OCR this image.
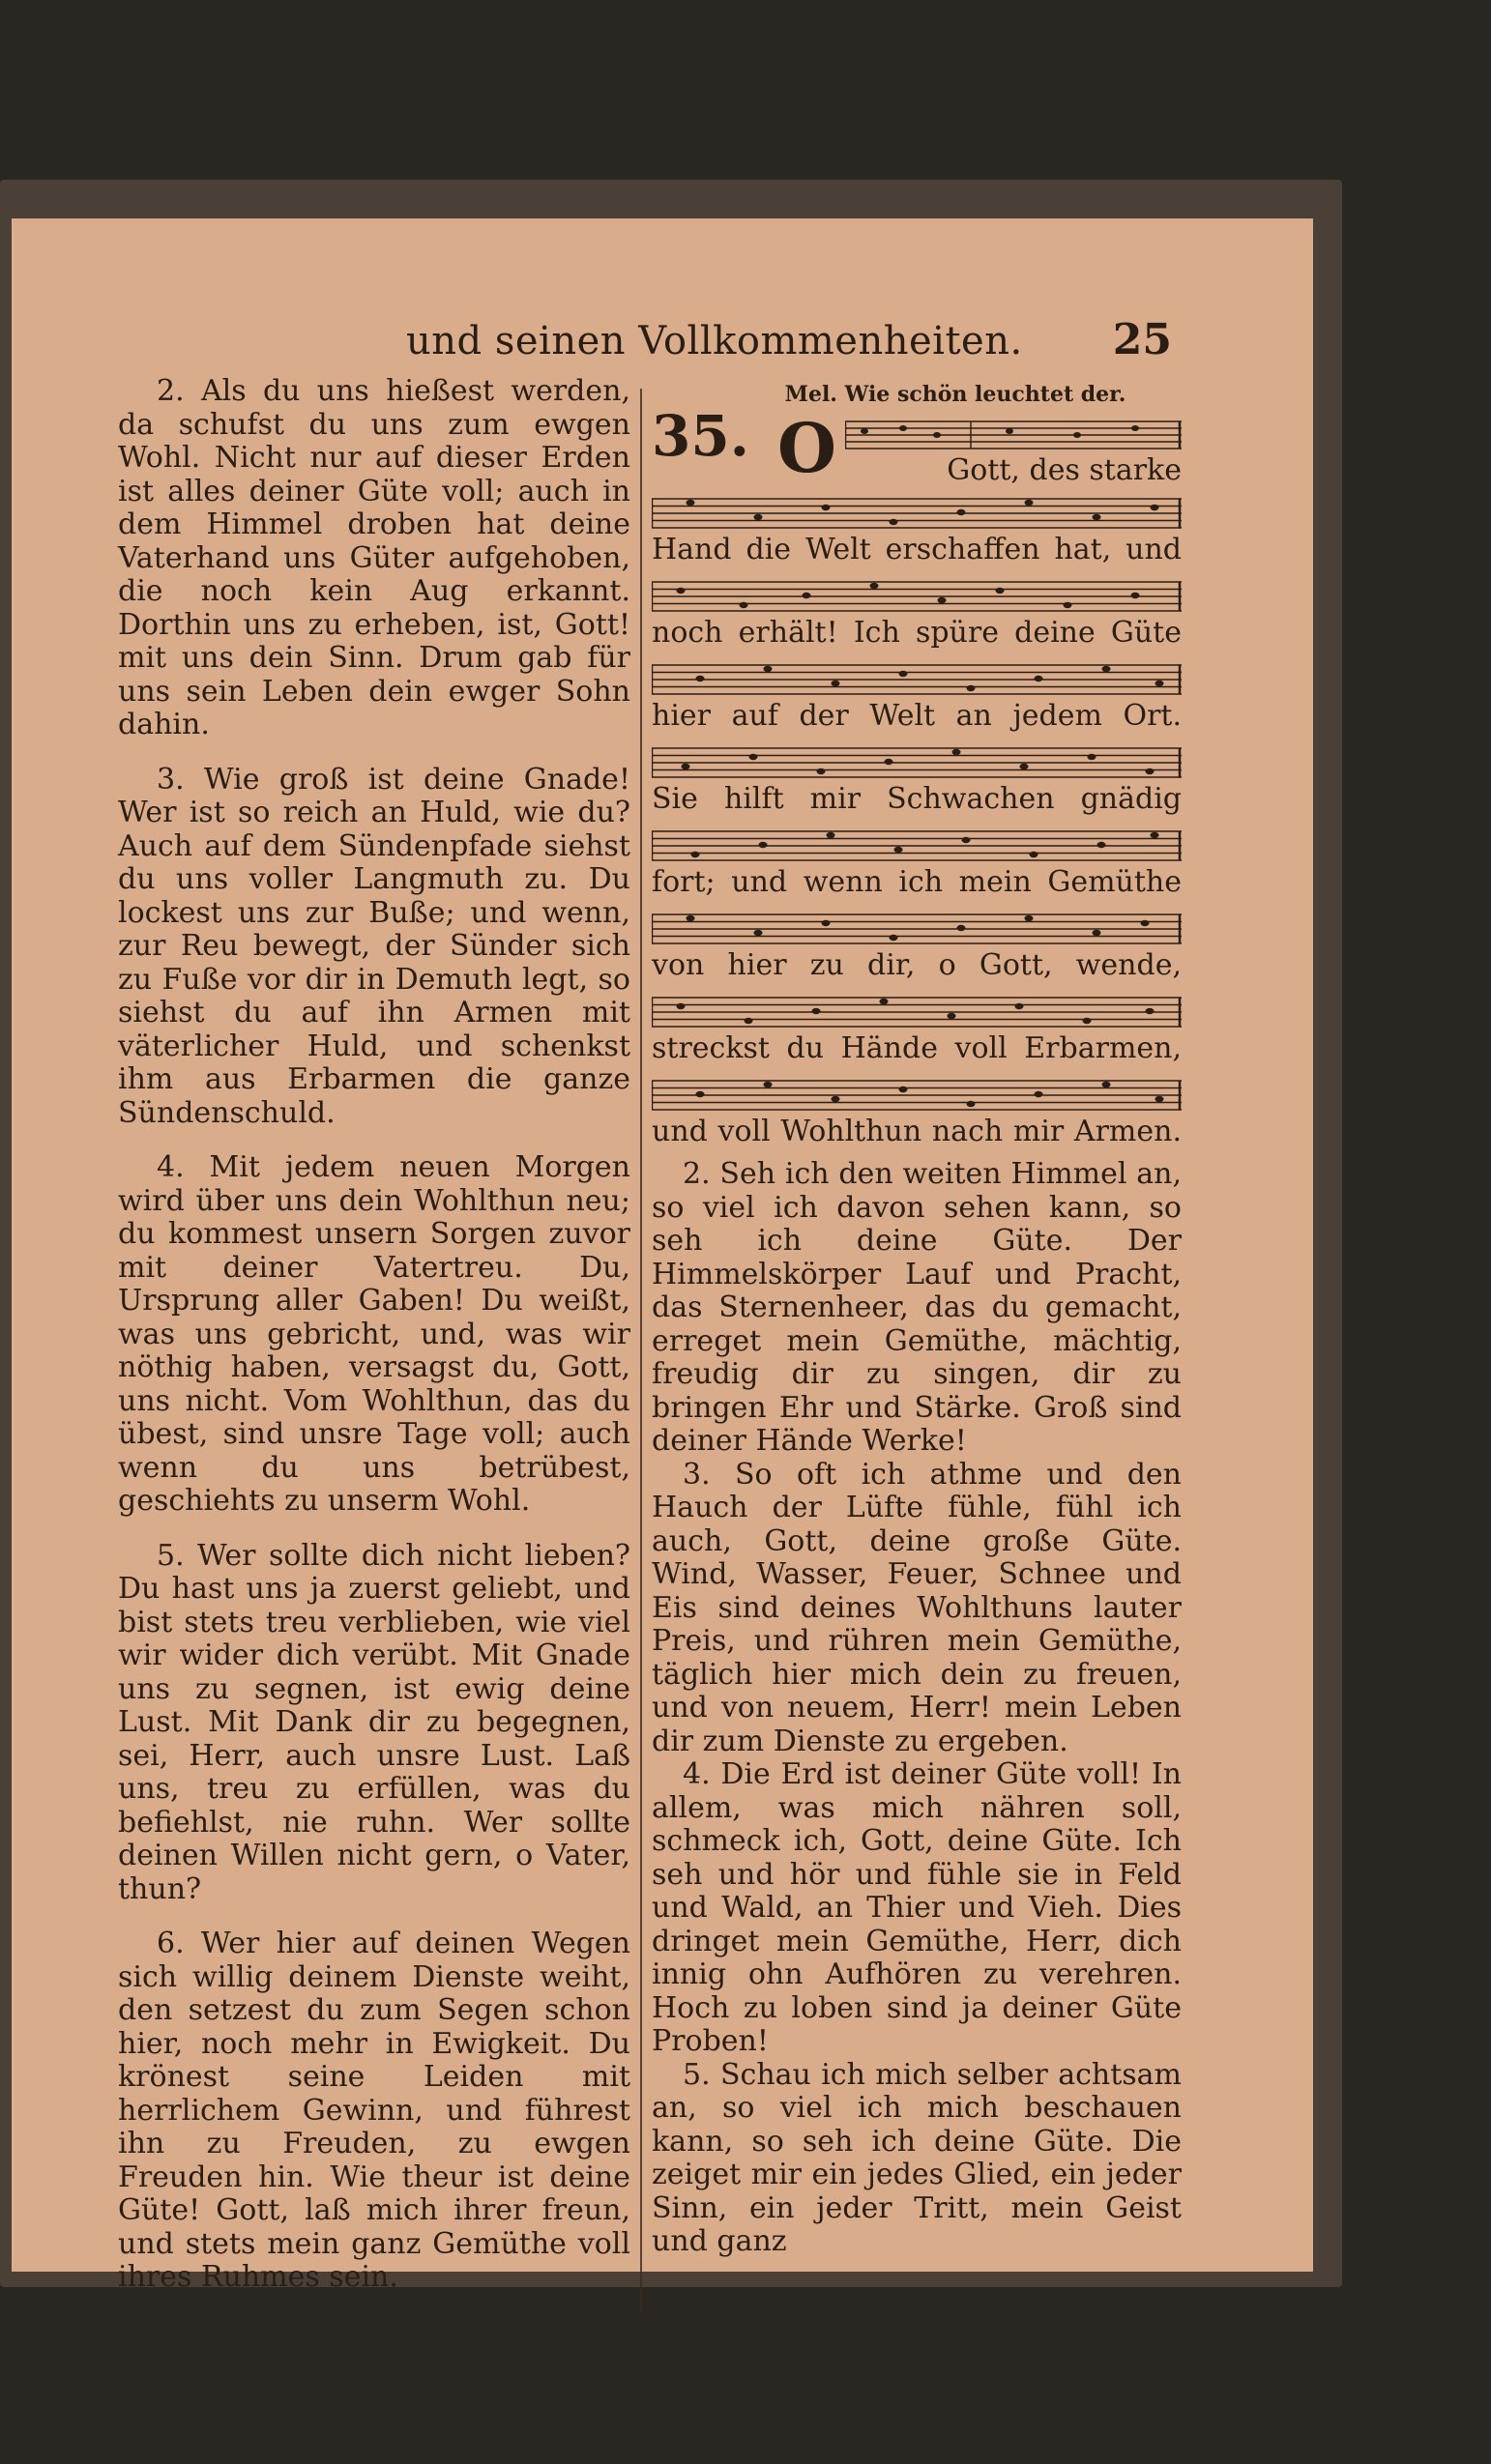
und seinen Vollkommenheiten. 25

2. Als du uns hießest werden, da schufst du uns zum ewgen Wohl. Nicht nur auf dieser Erden ist alles deiner Güte voll; auch in dem Himmel droben hat deine Vaterhand uns Güter aufgehoben, die noch kein Aug erkannt. Dorthin uns zu erheben, ist, Gott! mit uns dein Sinn. Drum gab für uns sein Leben dein ewger Sohn dahin.

3. Wie groß ist deine Gnade! Wer ist so reich an Huld, wie du? Auch auf dem Sündenpfade siehst du uns voller Langmuth zu. Du lockest uns zur Buße; und wenn, zur Reu bewegt, der Sünder sich zu Fuße vor dir in Demuth legt, so siehst du auf ihn Armen mit väterlicher Huld, und schenkst ihm aus Erbarmen die ganze Sündenschuld.

4. Mit jedem neuen Morgen wird über uns dein Wohlthun neu; du kommest unsern Sorgen zuvor mit deiner Vatertreu. Du, Ursprung aller Gaben! Du weißt, was uns gebricht, und, was wir nöthig haben, versagst du, Gott, uns nicht. Vom Wohlthun, das du übest, sind unsre Tage voll; auch wenn du uns betrübest, geschiehts zu unserm Wohl.

5. Wer sollte dich nicht lieben? Du hast uns ja zuerst geliebt, und bist stets treu verblieben, wie viel wir wider dich verübt. Mit Gnade uns zu segnen, ist ewig deine Lust. Mit Dank dir zu begegnen, sei, Herr, auch unsre Lust. Laß uns, treu zu erfüllen, was du befiehlst, nie ruhn. Wer sollte deinen Willen nicht gern, o Vater, thun?

6. Wer hier auf deinen Wegen sich willig deinem Dienste weiht, den setzest du zum Segen schon hier, noch mehr in Ewigkeit. Du krönest seine Leiden mit herrlichem Gewinn, und führest ihn zu Freuden, zu ewgen Freuden hin. Wie theur ist deine Güte! Gott, laß mich ihrer freun, und stets mein ganz Gemüthe voll ihres Ruhmes sein.

Mel. Wie schön leuchtet der.
35. O	Gott, des starke
Hand die Welt erschaffen hat, und
noch erhält! Ich spüre deine Güte
hier auf der Welt an jedem Ort.
Sie hilft mir Schwachen gnädig
fort; und wenn ich mein Gemüthe
von hier zu dir, o Gott, wende,
streckst du Hände voll Erbarmen,
und voll Wohlthun nach mir Armen.

2. Seh ich den weiten Himmel an, so viel ich davon sehen kann, so seh ich deine Güte. Der Himmelskörper Lauf und Pracht, das Sternenheer, das du gemacht, erreget mein Gemüthe, mächtig, freudig dir zu singen, dir zu bringen Ehr und Stärke. Groß sind deiner Hände Werke!

3. So oft ich athme und den Hauch der Lüfte fühle, fühl ich auch, Gott, deine große Güte. Wind, Wasser, Feuer, Schnee und Eis sind deines Wohlthuns lauter Preis, und rühren mein Gemüthe, täglich hier mich dein zu freuen, und von neuem, Herr! mein Leben dir zum Dienste zu ergeben.

4. Die Erd ist deiner Güte voll! In allem, was mich nähren soll, schmeck ich, Gott, deine Güte. Ich seh und hör und fühle sie in Feld und Wald, an Thier und Vieh. Dies dringet mein Gemüthe, Herr, dich innig ohn Aufhören zu verehren. Hoch zu loben sind ja deiner Güte Proben!

5. Schau ich mich selber achtsam an, so viel ich mich beschauen kann, so seh ich deine Güte. Die zeiget mir ein jedes Glied, ein jeder Sinn, ein jeder Tritt, mein Geist und ganz
